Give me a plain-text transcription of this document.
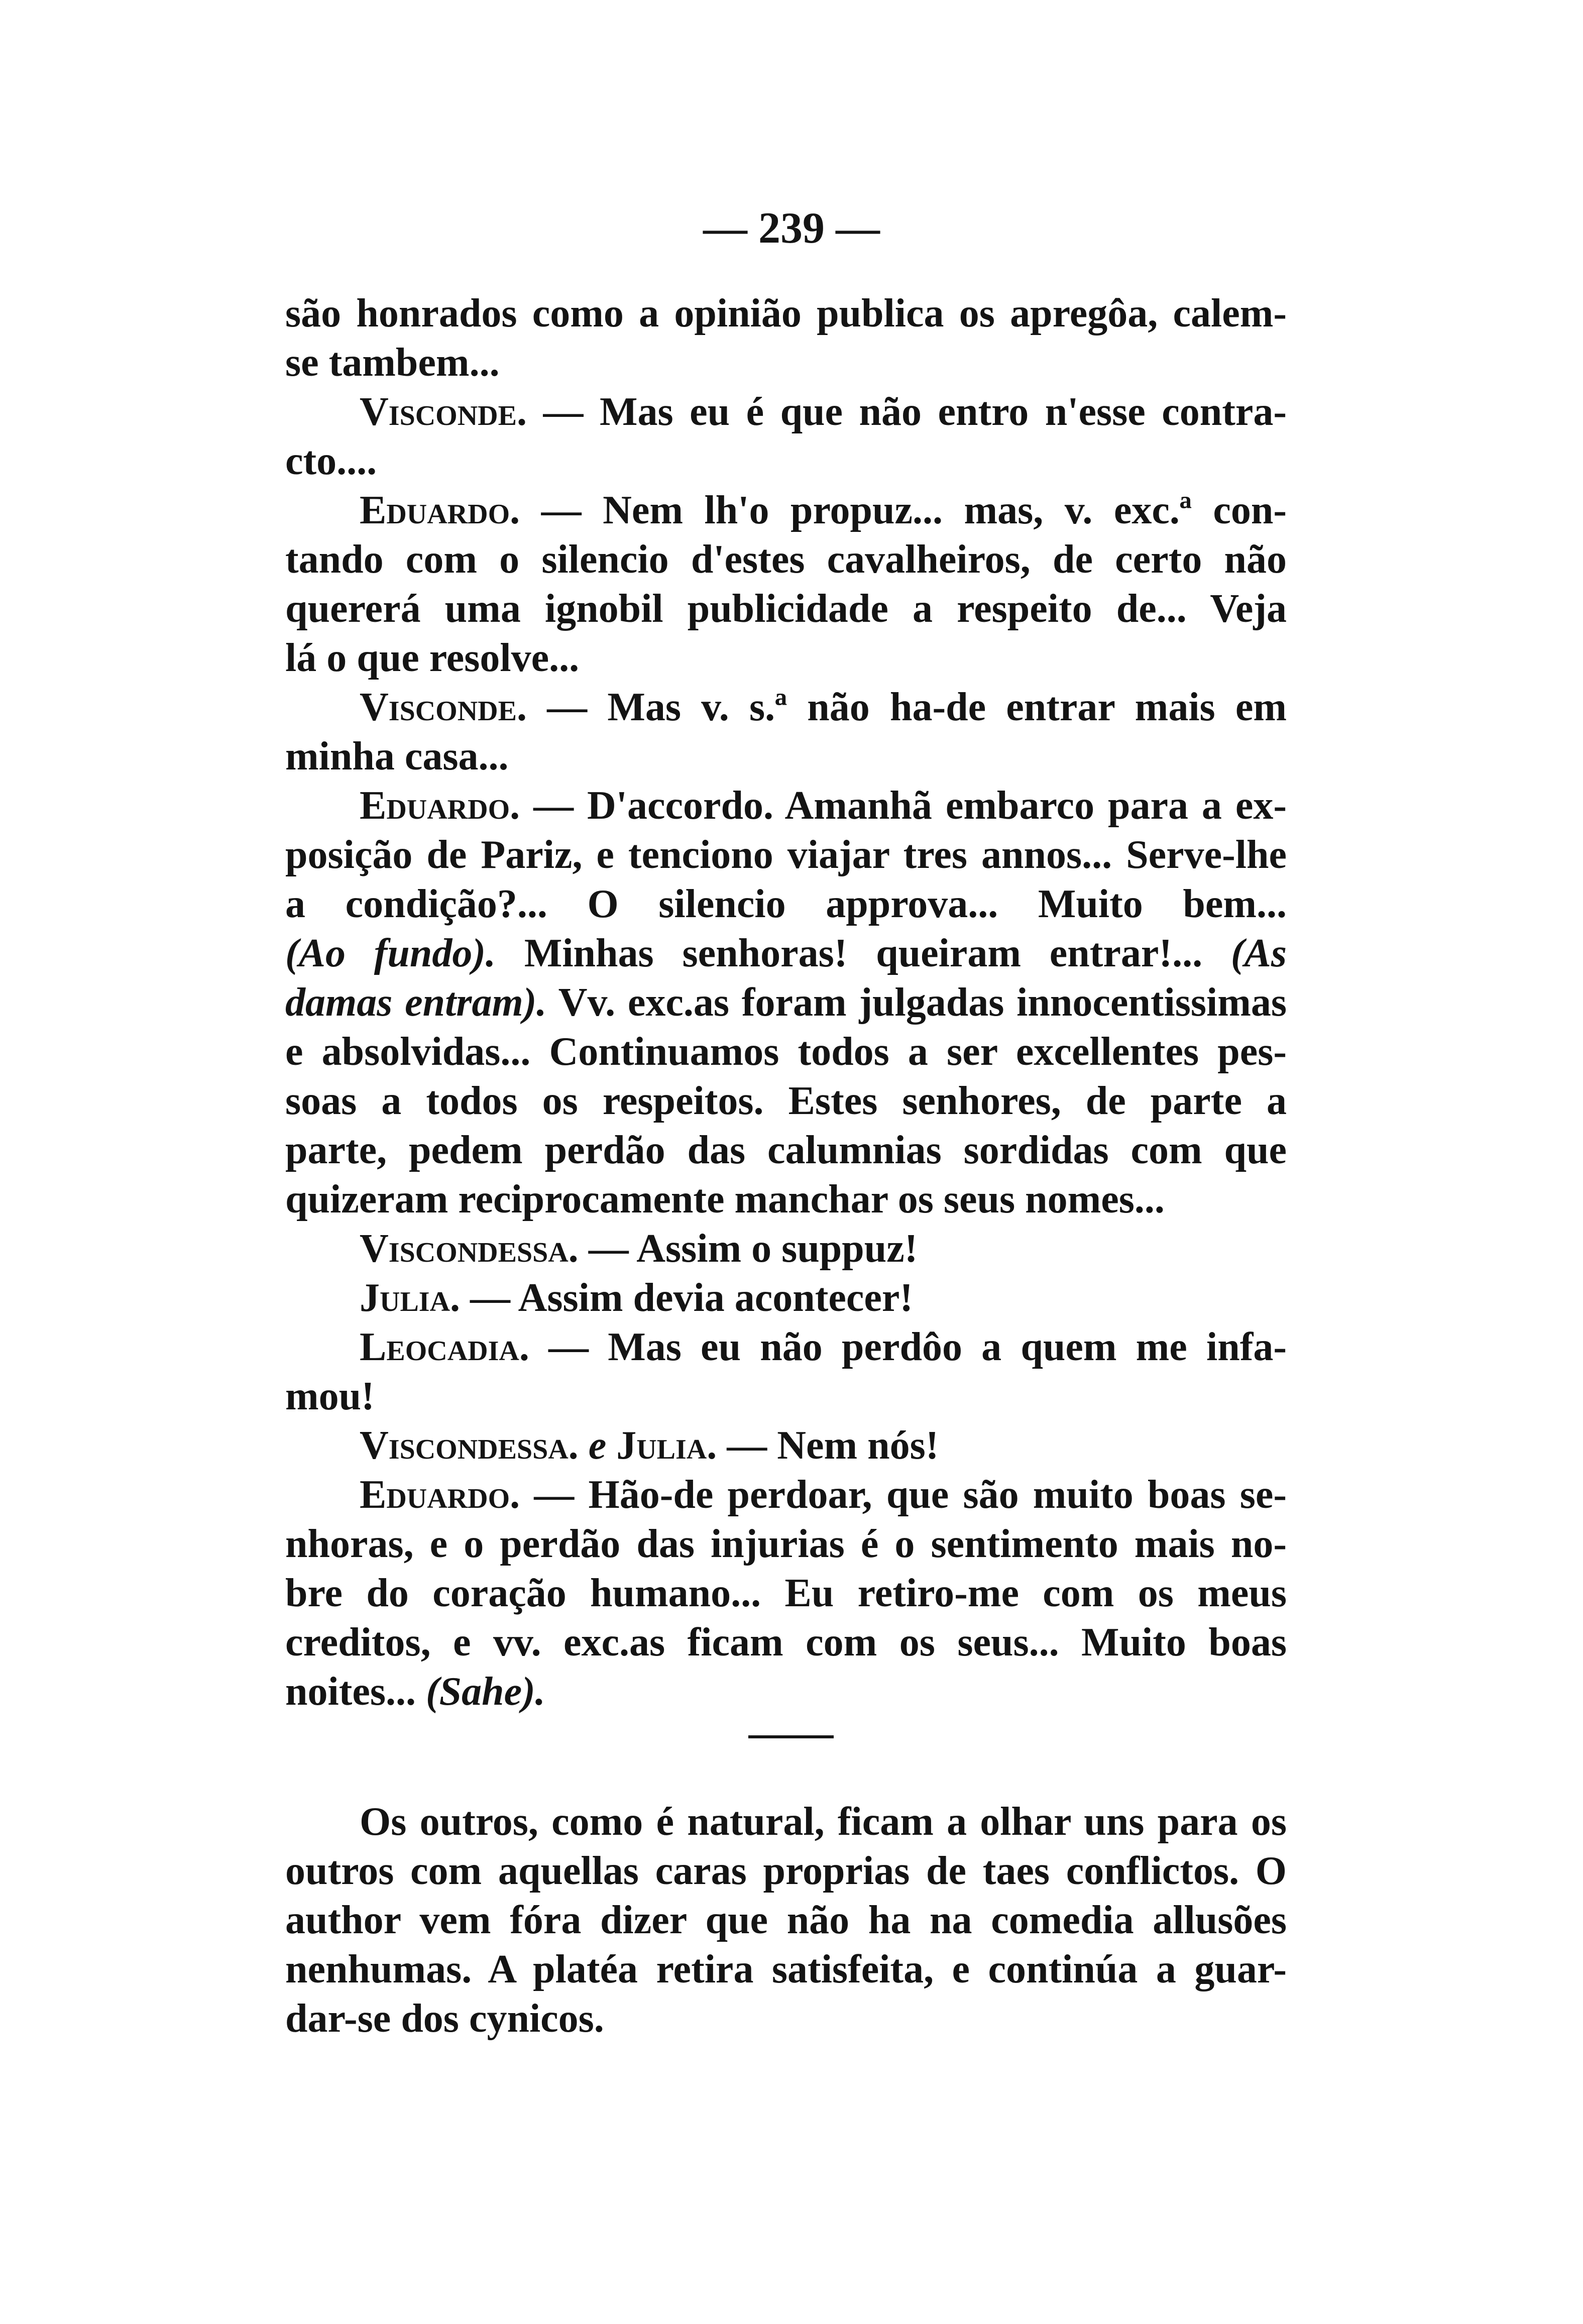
— 239 —
são honrados como a opinião publica os apregôa, calem-
se tambem...
Visconde. — Mas eu é que não entro n'esse contra-
cto....
Eduardo. — Nem lh'o propuz... mas, v. exc.ª con-
tando com o silencio d'estes cavalheiros, de certo não
quererá uma ignobil publicidade a respeito de... Veja
lá o que resolve...
Visconde. — Mas v. s.ª não ha-de entrar mais em
minha casa...
Eduardo. — D'accordo. Amanhã embarco para a ex-
posição de Pariz, e tenciono viajar tres annos... Serve-lhe
a condição?... O silencio approva... Muito bem...
(Ao fundo). Minhas senhoras! queiram entrar!... (As
damas entram). Vv. exc.as foram julgadas innocentissimas
e absolvidas... Continuamos todos a ser excellentes pes-
soas a todos os respeitos. Estes senhores, de parte a
parte, pedem perdão das calumnias sordidas com que
quizeram reciprocamente manchar os seus nomes...
Viscondessa. — Assim o suppuz!
Julia. — Assim devia acontecer!
Leocadia. — Mas eu não perdôo a quem me infa-
mou!
Viscondessa. e Julia. — Nem nós!
Eduardo. — Hão-de perdoar, que são muito boas se-
nhoras, e o perdão das injurias é o sentimento mais no-
bre do coração humano... Eu retiro-me com os meus
creditos, e vv. exc.as ficam com os seus... Muito boas
noites... (Sahe).
Os outros, como é natural, ficam a olhar uns para os
outros com aquellas caras proprias de taes conflictos. O
author vem fóra dizer que não ha na comedia allusões
nenhumas. A platéa retira satisfeita, e continúa a guar-
dar-se dos cynicos.
